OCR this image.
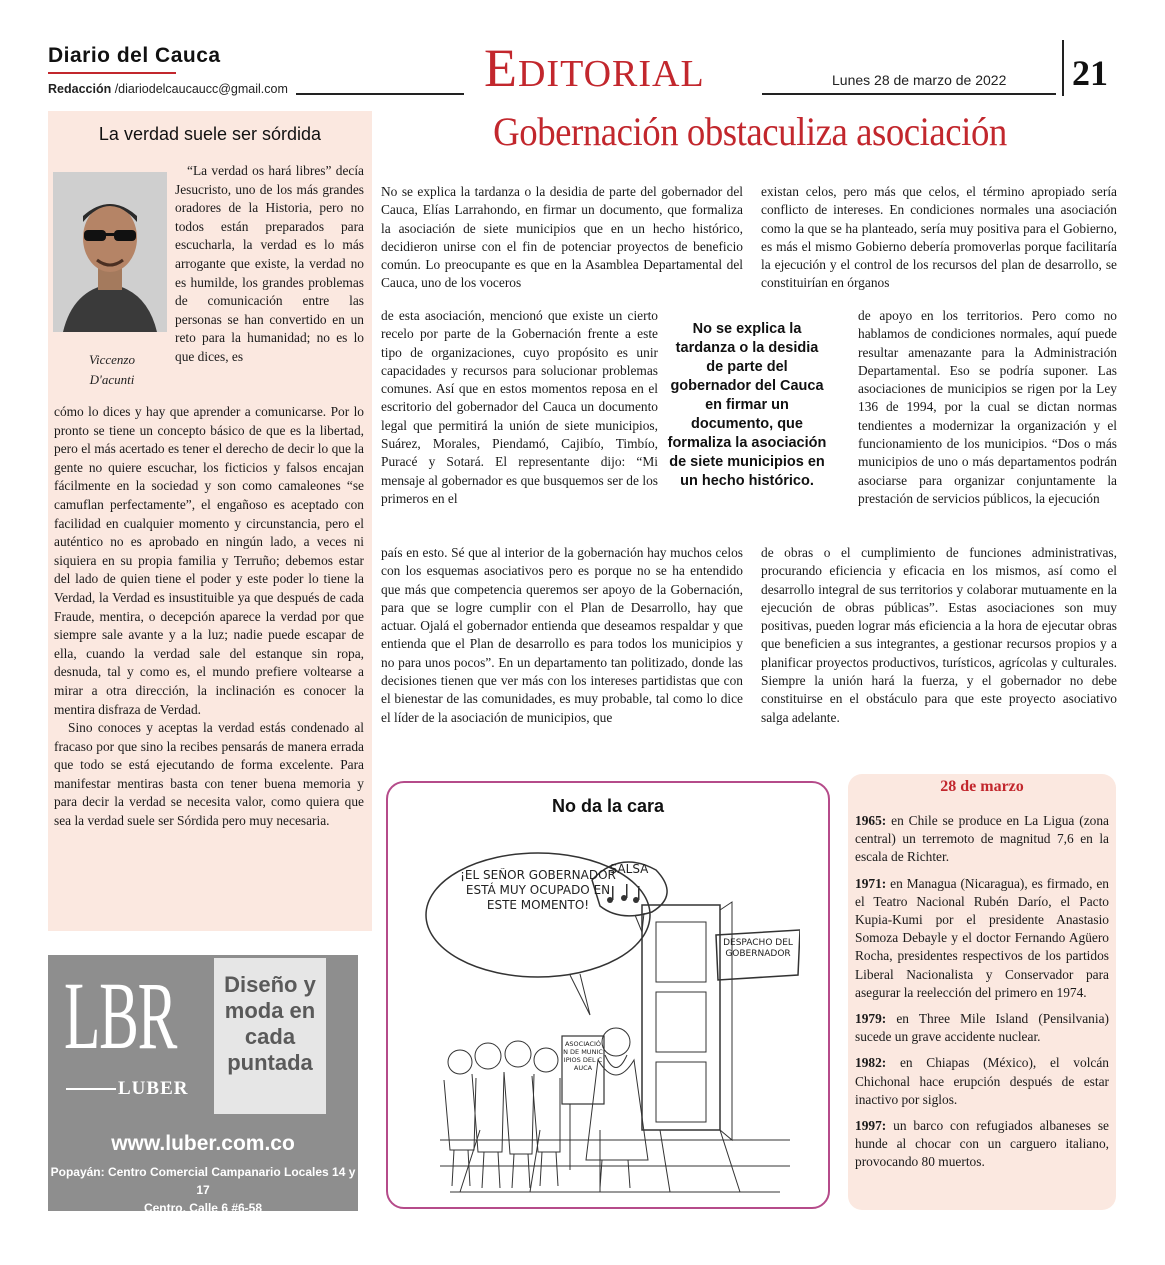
Diario del Cauca
Redacción /diariodelcaucaucc@gmail.com	Editorial	Lunes 28 de marzo de 2022 21
La verdad suele ser sórdida
Viccenzo
D'acunti
“La verdad os hará libres” decía Jesucristo, uno de los más grandes oradores de la Historia, pero no todos están preparados para escucharla, la verdad es lo más arrogante que existe, la verdad no es humilde, los grandes problemas de comunicación entre las personas se han convertido en un reto para la humanidad; no es lo que dices, es

cómo lo dices y hay que aprender a comunicarse. Por lo pronto se tiene un concepto básico de que es la libertad, pero el más acertado es tener el derecho de decir lo que la gente no quiere escuchar, los ficticios y falsos encajan fácilmente en la sociedad y son como camaleones “se camuflan perfectamente”, el engañoso es aceptado con facilidad en cualquier momento y circunstancia, pero el auténtico no es aprobado en ningún lado, a veces ni siquiera en su propia familia y Terruño; debemos estar del lado de quien tiene el poder y este poder lo tiene la Verdad, la Verdad es insustituible ya que después de cada Fraude, mentira, o decepción aparece la verdad por que siempre sale avante y a la luz; nadie puede escapar de ella, cuando la verdad sale del estanque sin ropa, desnuda, tal y como es, el mundo prefiere voltearse a mirar a otra dirección, la inclinación es conocer la mentira disfraza de Verdad.

Sino conoces y aceptas la verdad estás condenado al fracaso por que sino la recibes pensarás de manera errada que todo se está ejecutando de forma excelente. Para manifestar mentiras basta con tener buena memoria y para decir la verdad se necesita valor, como quiera que sea la verdad suele ser Sórdida pero muy necesaria.

Gobernación obstaculiza asociación
No se explica la tardanza o la desidia de parte del gobernador del Cauca, Elías Larrahondo, en firmar un documento, que formaliza la asociación de siete municipios que en un hecho histórico, decidieron unirse con el fin de potenciar proyectos de beneficio común. Lo preocupante es que en la Asamblea Departamental del Cauca, uno de los voceros
de esta asociación, mencionó que existe un cierto recelo por parte de la Gobernación frente a este tipo de organizaciones, cuyo propósito es unir capacidades y recursos para solucionar problemas comunes. Así que en estos momentos reposa en el escritorio del gobernador del Cauca un documento legal que permitirá la unión de siete municipios, Suárez, Morales, Piendamó, Cajibío, Timbío, Puracé y Sotará. El representante dijo: “Mi mensaje al gobernador es que busquemos ser de los primeros en el
país en esto. Sé que al interior de la gobernación hay muchos celos con los esquemas asociativos pero es porque no se ha entendido que más que competencia queremos ser apoyo de la Gobernación, para que se logre cumplir con el Plan de Desarrollo, hay que actuar. Ojalá el gobernador entienda que deseamos respaldar y que entienda que el Plan de desarrollo es para todos los municipios y no para unos pocos”. En un departamento tan politizado, donde las decisiones tienen que ver más con los intereses partidistas que con el bienestar de las comunidades, es muy probable, tal como lo dice el líder de la asociación de municipios, que
No se explica la tardanza o la desidia de parte del gobernador del Cauca en firmar un documento, que formaliza la asociación de siete municipios en un hecho histórico.
existan celos, pero más que celos, el término apropiado sería conflicto de intereses. En condiciones normales una asociación como la que se ha planteado, sería muy positiva para el Gobierno, es más el mismo Gobierno debería promoverlas porque facilitaría la ejecución y el control de los recursos del plan de desarrollo, se constituirían en órganos
de apoyo en los territorios. Pero como no hablamos de condiciones normales, aquí puede resultar amenazante para la Administración Departamental. Eso se podría suponer. Las asociaciones de municipios se rigen por la Ley 136 de 1994, por la cual se dictan normas tendientes a modernizar la organización y el funcionamiento de los municipios. “Dos o más municipios de uno o más departamentos podrán asociarse para organizar conjuntamente la prestación de servicios públicos, la ejecución
de obras o el cumplimiento de funciones administrativas, procurando eficiencia y eficacia en los mismos, así como el desarrollo integral de sus territorios y colaborar mutuamente en la ejecución de obras públicas”. Estas asociaciones son muy positivas, pueden lograr más eficiencia a la hora de ejecutar obras que beneficien a sus integrantes, a gestionar recursos propios y a planificar proyectos productivos, turísticos, agrícolas y culturales. Siempre la unión hará la fuerza, y el gobernador no debe constituirse en el obstáculo para que este proyecto asociativo salga adelante.
No da la cara
¡EL SEÑOR GOBERNADOR ESTÁ MUY OCUPADO EN ESTE MOMENTO!
SALSA
DESPACHO DEL GOBERNADOR
ASOCIACIÓN DE MUNICIPIOS DEL CAUCA
28 de marzo

1965: en Chile se produce en La Ligua (zona central) un terremoto de magnitud 7,6 en la escala de Richter.

1971: en Managua (Nicaragua), es firmado, en el Teatro Nacional Rubén Darío, el Pacto Kupia-Kumi por el presidente Anastasio Somoza Debayle y el doctor Fernando Agüero Rocha, presidentes respectivos de los partidos Liberal Nacionalista y Conservador para asegurar la reelección del primero en 1974.

1979: en Three Mile Island (Pensilvania) sucede un grave accidente nuclear.

1982: en Chiapas (México), el volcán Chichonal hace erupción después de estar inactivo por siglos.

1997: un barco con refugiados albaneses se hunde al chocar con un carguero italiano, provocando 80 muertos.

LBR
LUBER
Diseño y moda en cada puntada
www.luber.com.co
Popayán: Centro Comercial Campanario Locales 14 y 17
Centro, Calle 6 #6-58
